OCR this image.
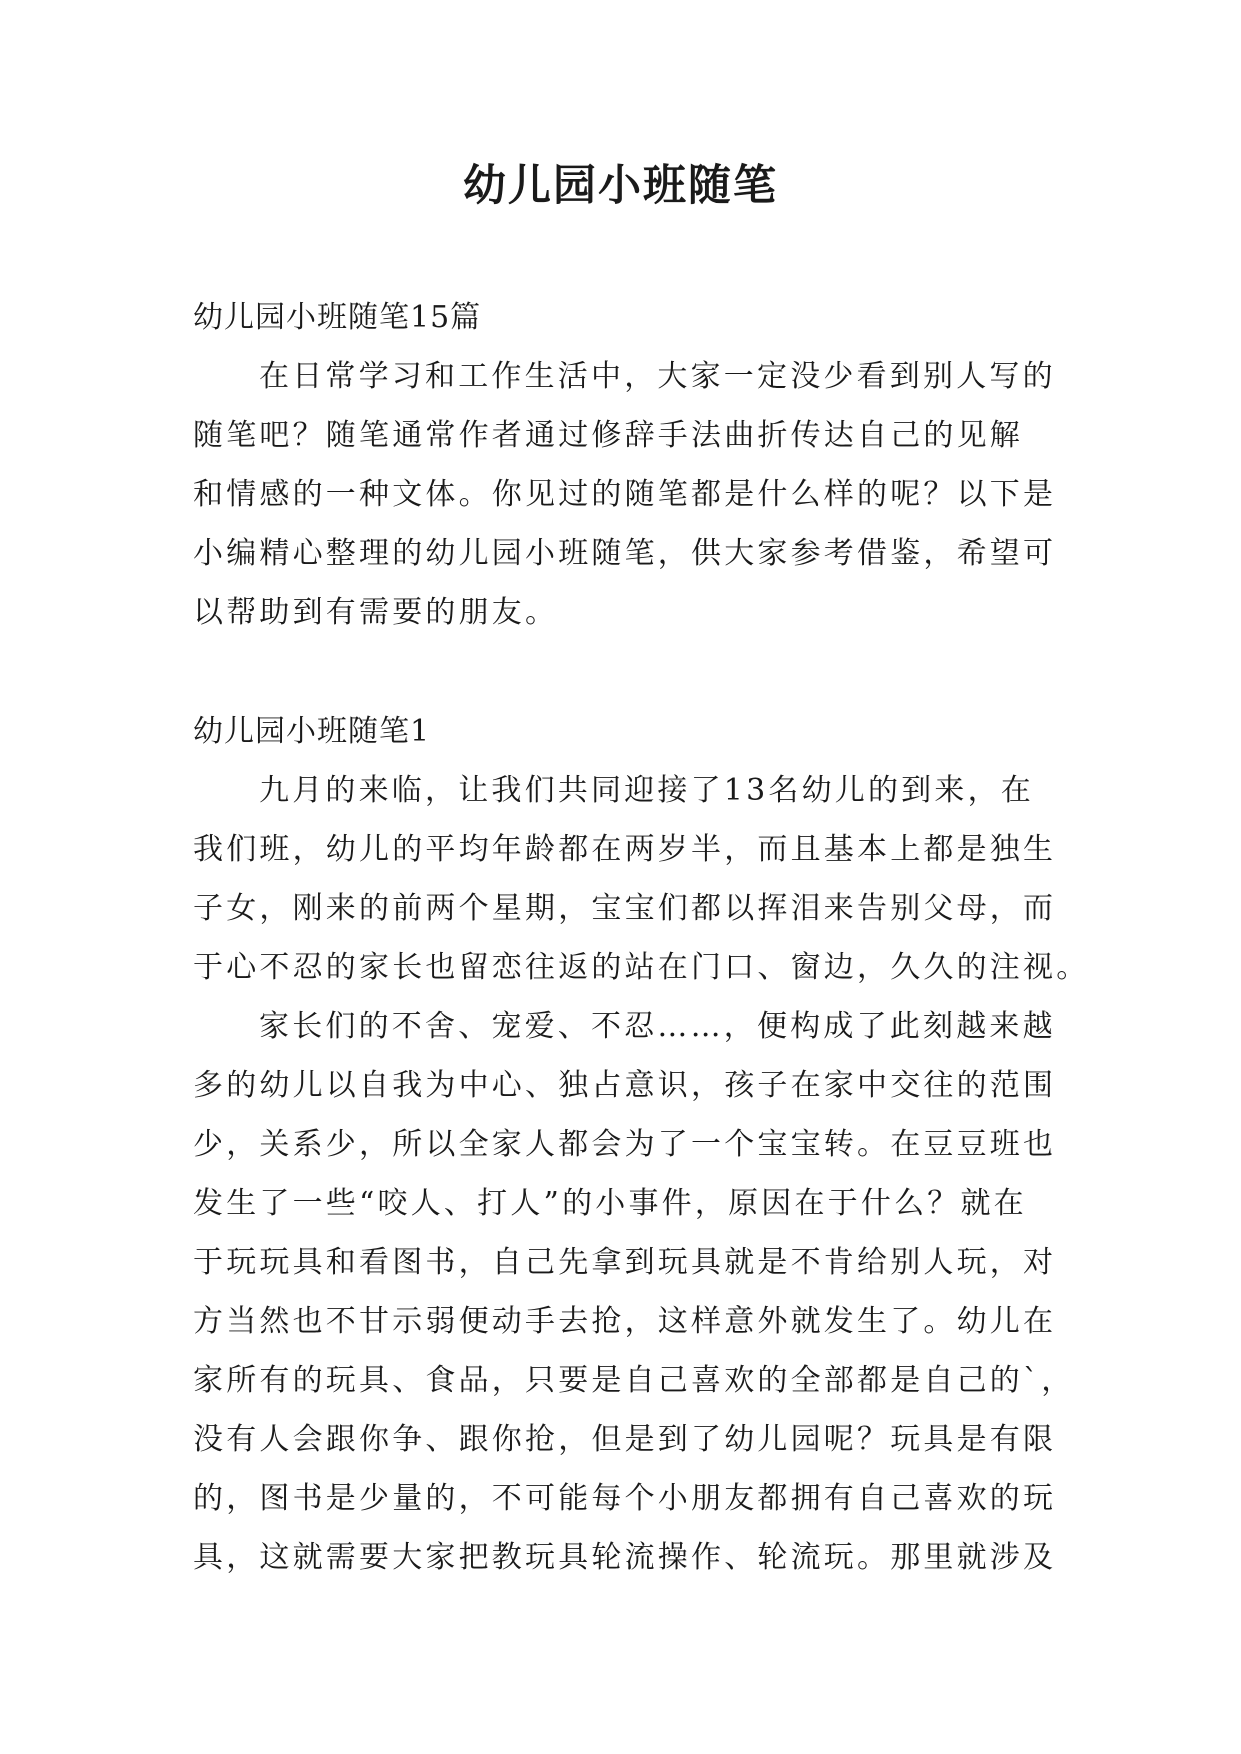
幼儿园小班随笔
幼儿园小班随笔15篇
在日常学习和工作生活中，大家一定没少看到别人写的
随笔吧？随笔通常作者通过修辞手法曲折传达自己的见解
和情感的一种文体。你见过的随笔都是什么样的呢？以下是
小编精心整理的幼儿园小班随笔，供大家参考借鉴，希望可
以帮助到有需要的朋友。
幼儿园小班随笔1
九月的来临，让我们共同迎接了13名幼儿的到来，在
我们班，幼儿的平均年龄都在两岁半，而且基本上都是独生
子女，刚来的前两个星期，宝宝们都以挥泪来告别父母，而
于心不忍的家长也留恋往返的站在门口、窗边，久久的注视。
家长们的不舍、宠爱、不忍……，便构成了此刻越来越
多的幼儿以自我为中心、独占意识，孩子在家中交往的范围
少，关系少，所以全家人都会为了一个宝宝转。在豆豆班也
发生了一些“咬人、打人”的小事件，原因在于什么？就在
于玩玩具和看图书，自己先拿到玩具就是不肯给别人玩，对
方当然也不甘示弱便动手去抢，这样意外就发生了。幼儿在
家所有的玩具、食品，只要是自己喜欢的全部都是自己的`，
没有人会跟你争、跟你抢，但是到了幼儿园呢？玩具是有限
的，图书是少量的，不可能每个小朋友都拥有自己喜欢的玩
具，这就需要大家把教玩具轮流操作、轮流玩。那里就涉及
